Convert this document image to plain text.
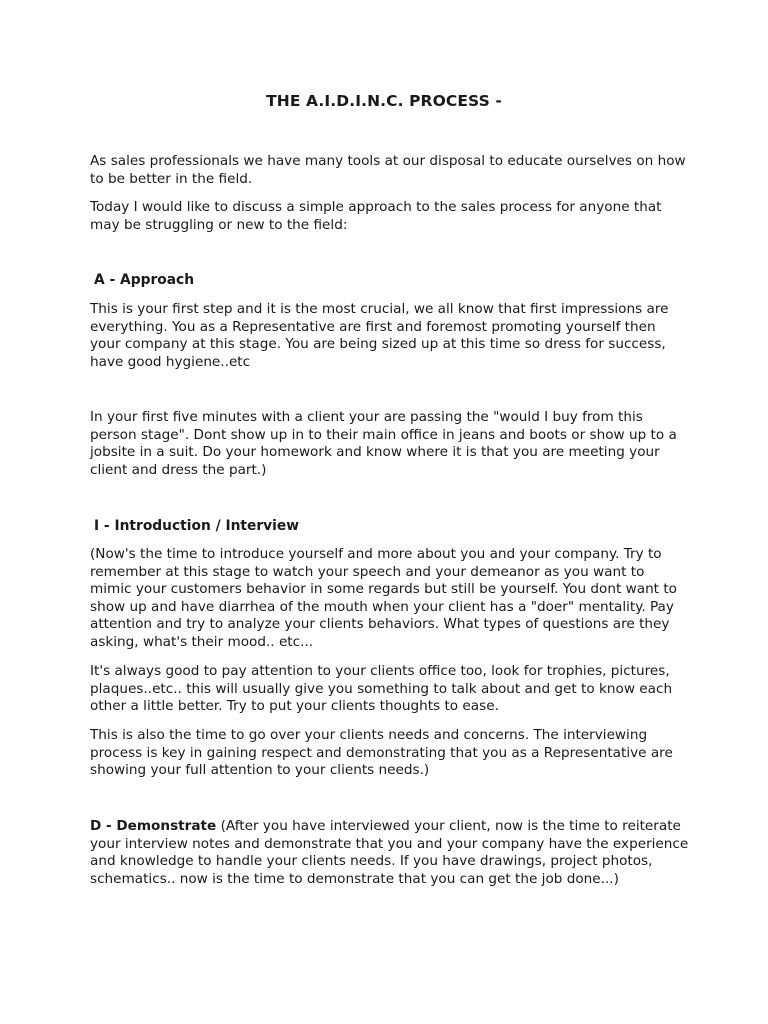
THE A.I.D.I.N.C. PROCESS -

As sales professionals we have many tools at our disposal to educate ourselves on how to be better in the field.

Today I would like to discuss a simple approach to the sales process for anyone that may be struggling or new to the field:

A - Approach

This is your first step and it is the most crucial, we all know that first impressions are everything. You as a Representative are first and foremost promoting yourself then your company at this stage. You are being sized up at this time so dress for success, have good hygiene..etc

In your first five minutes with a client your are passing the "would I buy from this person stage". Dont show up in to their main office in jeans and boots or show up to a jobsite in a suit. Do your homework and know where it is that you are meeting your client and dress the part.)

I - Introduction / Interview

(Now's the time to introduce yourself and more about you and your company. Try to remember at this stage to watch your speech and your demeanor as you want to mimic your customers behavior in some regards but still be yourself. You dont want to show up and have diarrhea of the mouth when your client has a "doer" mentality. Pay attention and try to analyze your clients behaviors. What types of questions are they asking, what's their mood.. etc...

It's always good to pay attention to your clients office too, look for trophies, pictures, plaques..etc.. this will usually give you something to talk about and get to know each other a little better. Try to put your clients thoughts to ease.

This is also the time to go over your clients needs and concerns. The interviewing process is key in gaining respect and demonstrating that you as a Representative are showing your full attention to your clients needs.)

D - Demonstrate (After you have interviewed your client, now is the time to reiterate your interview notes and demonstrate that you and your company have the experience and knowledge to handle your clients needs. If you have drawings, project photos, schematics.. now is the time to demonstrate that you can get the job done...)
